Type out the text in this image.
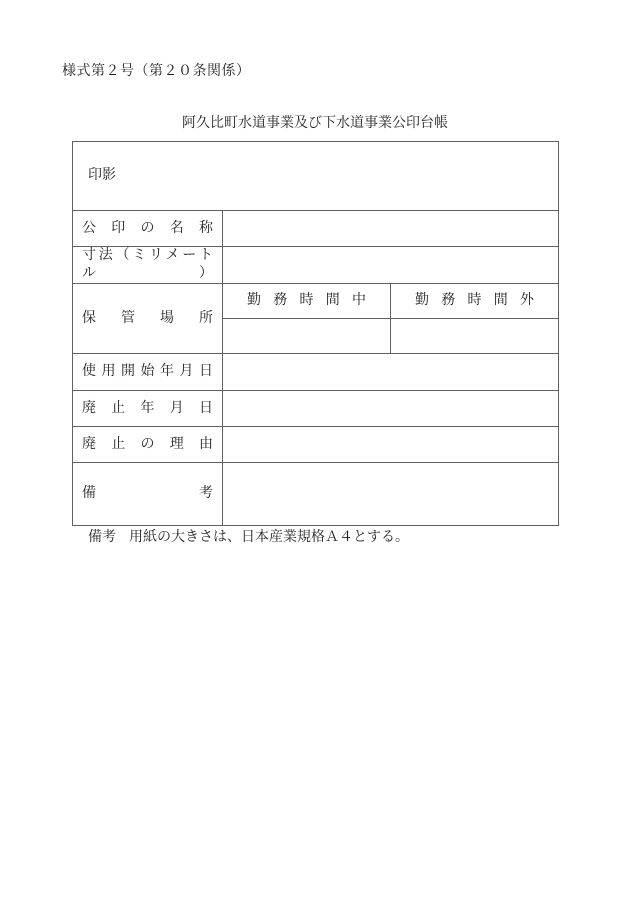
様式第２号（第２０条関係）
阿久比町水道事業及び下水道事業公印台帳
印影		
公印の名称		
寸法（ミリメートル）		
保管場所	勤務時間中	勤務時間外

使用開始年月日		
廃止年月日		
廃止の理由		
備考		
備考 用紙の大きさは、日本産業規格Ａ４とする。
